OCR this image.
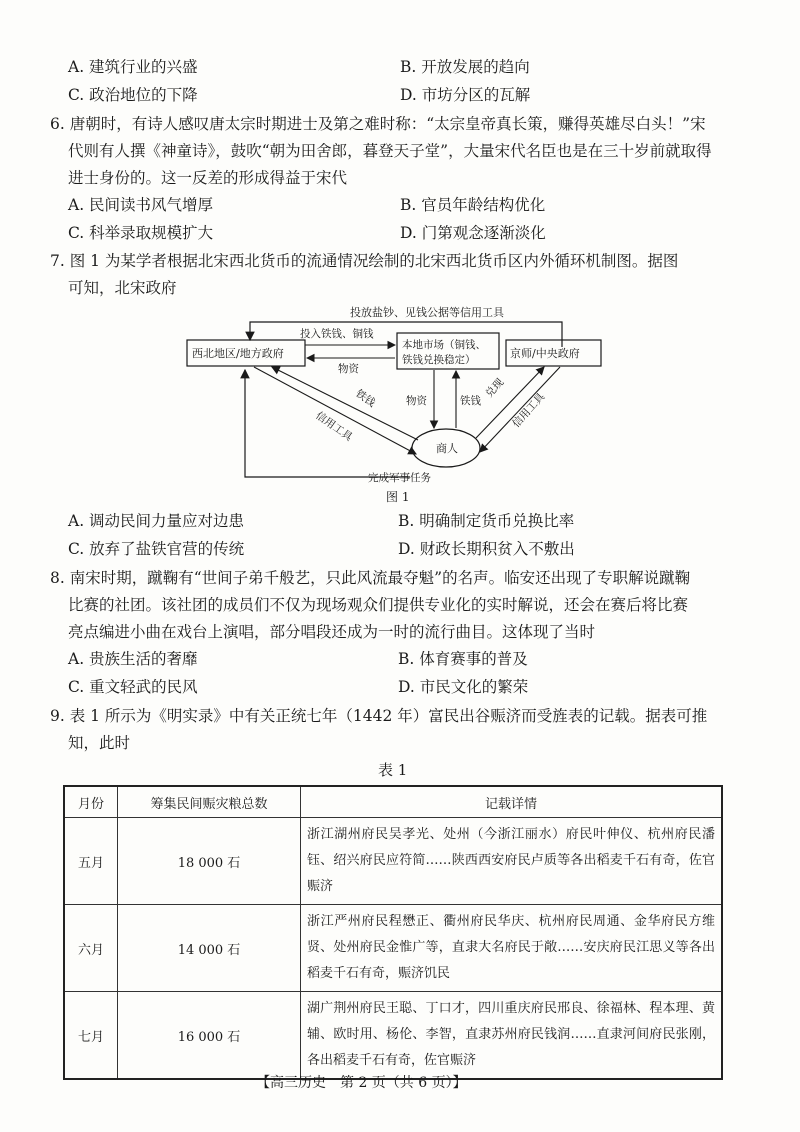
A. 建筑行业的兴盛	B. 开放发展的趋向
C. 政治地位的下降	D. 市坊分区的瓦解
6. 唐朝时，有诗人感叹唐太宗时期进士及第之难时称：“太宗皇帝真长策，赚得英雄尽白头！”宋
代则有人撰《神童诗》，鼓吹“朝为田舍郎，暮登天子堂”，大量宋代名臣也是在三十岁前就取得
进士身份的。这一反差的形成得益于宋代
A. 民间读书风气增厚	B. 官员年龄结构优化
C. 科举录取规模扩大	D. 门第观念逐渐淡化
7. 图 1 为某学者根据北宋西北货币的流通情况绘制的北宋西北货币区内外循环机制图。据图
可知，北宋政府
投放盐钞、见钱公据等信用工具
完成军事任务
西北地区/地方政府
本地市场（铜钱、
铁钱兑换稳定）	京师/中央政府
商人
投入铁钱、铜钱
物资
铁钱
信用工具
物资	铁钱
兑现
信用工具
图 1
A. 调动民间力量应对边患	B. 明确制定货币兑换比率
C. 放弃了盐铁官营的传统	D. 财政长期积贫入不敷出
8. 南宋时期，蹴鞠有“世间子弟千般艺，只此风流最夺魁”的名声。临安还出现了专职解说蹴鞠
比赛的社团。该社团的成员们不仅为现场观众们提供专业化的实时解说，还会在赛后将比赛
亮点编进小曲在戏台上演唱，部分唱段还成为一时的流行曲目。这体现了当时
A. 贵族生活的奢靡	B. 体育赛事的普及
C. 重文轻武的民风	D. 市民文化的繁荣
9. 表 1 所示为《明实录》中有关正统七年（1442 年）富民出谷赈济而受旌表的记载。据表可推
知，此时
表 1
月份	筹集民间赈灾粮总数	记载详情
五月	18 000 石	浙江湖州府民吴孝光、处州（今浙江丽水）府民叶伸仪、杭州府民潘钰、绍兴府民应符简……陕西西安府民卢质等各出稻麦千石有奇，佐官赈济
六月	14 000 石	浙江严州府民程懋正、衢州府民华庆、杭州府民周通、金华府民方维贤、处州府民金惟广等，直隶大名府民于敞……安庆府民江思义等各出稻麦千石有奇，赈济饥民
七月	16 000 石	湖广荆州府民王聪、丁口才，四川重庆府民邢良、徐福林、程本理、黄辅、欧时用、杨伦、李智，直隶苏州府民钱润……直隶河间府民张刚，各出稻麦千石有奇，佐官赈济
【高三历史　第 2 页（共 6 页）】
